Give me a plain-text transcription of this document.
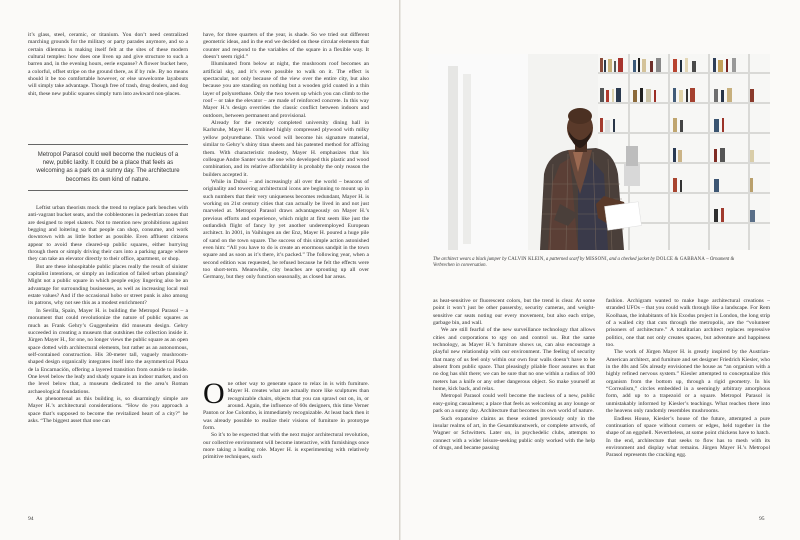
it’s glass, steel, ceramic, or titanium. You don’t need centralized marching grounds for the military or party parades anymore, and so a certain dilemma is making itself felt at the sites of these modern cultural temples: how does one liven up and give structure to such a barren and, in the evening hours, eerie expanse? A flower bucket here, a colorful, offset stripe on the ground there, as if by rule. By no means should it be too comfortable however, or else unwelcome layabouts will simply take advantage. Though free of trash, drug dealers, and dog shit, these new public squares simply turn into awkward non-places.

Metropol Parasol could well become the nucleus of a new, public laxity. It could be a place that feels as welcoming as a park on a sunny day. The architecture becomes its own kind of nature.

Leftist urban theorists mock the trend to replace park benches with anti-vagrant bucket seats, and the cobblestones in pedestrian zones that are designed to repel skaters. Not to mention new prohibitions against begging and loitering so that people can shop, consume, and work downtown with as little bother as possible. Even affluent citizens appear to avoid these cleared-up public squares, either hurrying through them or simply driving their cars into a parking garage where they can take an elevator directly to their office, apartment, or shop.

But are these inhospitable public places really the result of sinister capitalist intentions, or simply an indication of failed urban planning? Might not a public square in which people enjoy lingering also be an advantage for surrounding businesses, as well as increasing local real estate values? And if the occasional hobo or street punk is also among its patrons, why not see this as a modest enrichment?

In Sevilla, Spain, Mayer H. is building the Metropol Parasol – a monument that could revolutionize the nature of public squares as much as Frank Gehry’s Guggenheim did museum design. Gehry succeeded in creating a museum that outshines the collection inside it. Jürgen Mayer H., for one, no longer views the public square as an open space dotted with architectural elements, but rather as an autonomous, self-contained construction. His 30-meter tall, vaguely mushroom-shaped design organically integrates itself into the asymmetrical Plaza de la Encarnación, offering a layered transition from outside to inside. One level below the leafy and shady square is an indoor market, and on the level below that, a museum dedicated to the area’s Roman archaeological foundations.

As phenomenal as this building is, so disarmingly simple are Mayer H.’s architectural considerations. “How do you approach a space that’s supposed to become the revitalized heart of a city?” he asks. “The biggest asset that one can

have, for three quarters of the year, is shade. So we tried out different geometric ideas, and in the end we decided on these circular elements that counter and respond to the variables of the square in a flexible way. It doesn’t seem rigid.”

Illuminated from below at night, the mushroom roof becomes an artificial sky, and it’s even possible to walk on it. The effect is spectacular, not only because of the view over the entire city, but also because you are standing on nothing but a wooden grid coated in a thin layer of polyurethane. Only the two towers up which you can climb to the roof – or take the elevator – are made of reinforced concrete. In this way Mayer H.’s design overrides the classic conflict between indoors and outdoors, between permanent and provisional.

Already for the recently completed university dining hall in Karlsruhe, Mayer H. combined highly compressed plywood with milky yellow polyurethane. This wood will become his signature material, similar to Gehry’s shiny titan sheets and his patented method for affixing them. With characteristic modesty, Mayer H. emphasizes that his colleague Andre Santer was the one who developed this plastic and wood combination, and its relative affordability is probably the only reason the builders accepted it.

While in Dubai – and increasingly all over the world – beacons of originality and towering architectural icons are beginning to mount up in such numbers that their very uniqueness becomes redundant, Mayer H. is working on 21st century cities that can actually be lived in and not just marveled at. Metropol Parasol draws advantageously on Mayer H.’s previous efforts and experience, which might at first seem like just the outlandish flight of fancy by yet another underemployed European architect. In 2001, in Vaihingen an der Enz, Mayer H. poured a huge pile of sand on the town square. The success of this simple action astonished even him: “All you have to do is create an enormous sandpit in the town square and as soon as it’s there, it’s packed.” The following year, when a second edition was requested, he refused because he felt the effects were too short-term. Meanwhile, city beaches are sprouting up all over Germany, but they only function seasonally, as closed bar areas.

One other way to generate space to relax in is with furniture. Mayer H. creates what are actually more like sculptures than recognizable chairs, objects that you can sprawl out on, in, or around. Again, the influence of 60s designers, this time Verner Panton or Joe Colombo, is immediately recognizable. At least back then it was already possible to realize their visions of furniture in prototype form.

So it’s to be expected that with the next major architectural revolution, our collective environment will become interactive, with furnishings once more taking a leading role. Mayer H. is experimenting with relatively primitive techniques, such

94
The architect wears a black jumper by CALVIN KLEIN, a patterned scarf by MISSONI, and a checked jacket by DOLCE & GABBANA – Ornament & Verbrechen in conversation.

as heat-sensitive or fluorescent colors, but the trend is clear. At some point it won’t just be other passersby, security cameras, and weight-sensitive car seats noting our every movement, but also each stripe, garbage bin, and wall.

We are still fearful of the new surveillance technology that allows cities and corporations to spy on and control us. But the same technology, as Mayer H.’s furniture shows us, can also encourage a playful new relationship with our environment. The feeling of security that many of us feel only within our own four walls doesn’t have to be absent from public space. That pleasingly pliable floor assures us that no dog has shit there; we can be sure that no one within a radius of 100 meters has a knife or any other dangerous object. So make yourself at home, kick back, and relax.

Metropol Parasol could well become the nucleus of a new, public easy-going casualness; a place that feels as welcoming as any lounge or park on a sunny day. Architecture that becomes its own world of nature.

Such expansive claims as these existed previously only in the insular realms of art, in the Gesamtkunstwerk, or complete artwork, of Wagner or Schwitters. Later on, in psychedelic clubs, attempts to connect with a wider leisure-seeking public only worked with the help of drugs, and became passing

fashion. Archigram wanted to make huge architectural creations – stranded UFOs – that you could walk through like a landscape. For Rem Koolhaas, the inhabitants of his Exodus project in London, the long strip of a walled city that cuts through the metropolis, are the “volunteer prisoners of architecture.” A totalitarian architect replaces repressive politics, one that not only creates spaces, but adventure and happiness too.

The work of Jürgen Mayer H. is greatly inspired by the Austrian-American architect, and furniture and set designer Friedrich Kiesler, who in the 40s and 50s already envisioned the house as “an organism with a highly refined nervous system.” Kiesler attempted to conceptualize this organism from the bottom up, through a rigid geometry. In his “Correalism,” circles embedded in a seemingly arbitrary amorphous form, add up to a trapezoid or a square. Metropol Parasol is unmistakably informed by Kiesler’s teachings. What reaches there into the heavens only randomly resembles mushrooms.

Endless House, Kiesler’s house of the future, attempted a pure continuation of space without corners or edges, held together in the shape of an eggshell. Nevertheless, at some point chickens have to hatch. In the end, architecture that seeks to flow has to mesh with its environment and display what remains. Jürgen Mayer H.’s Metropol Parasol represents the cracking egg.

95
